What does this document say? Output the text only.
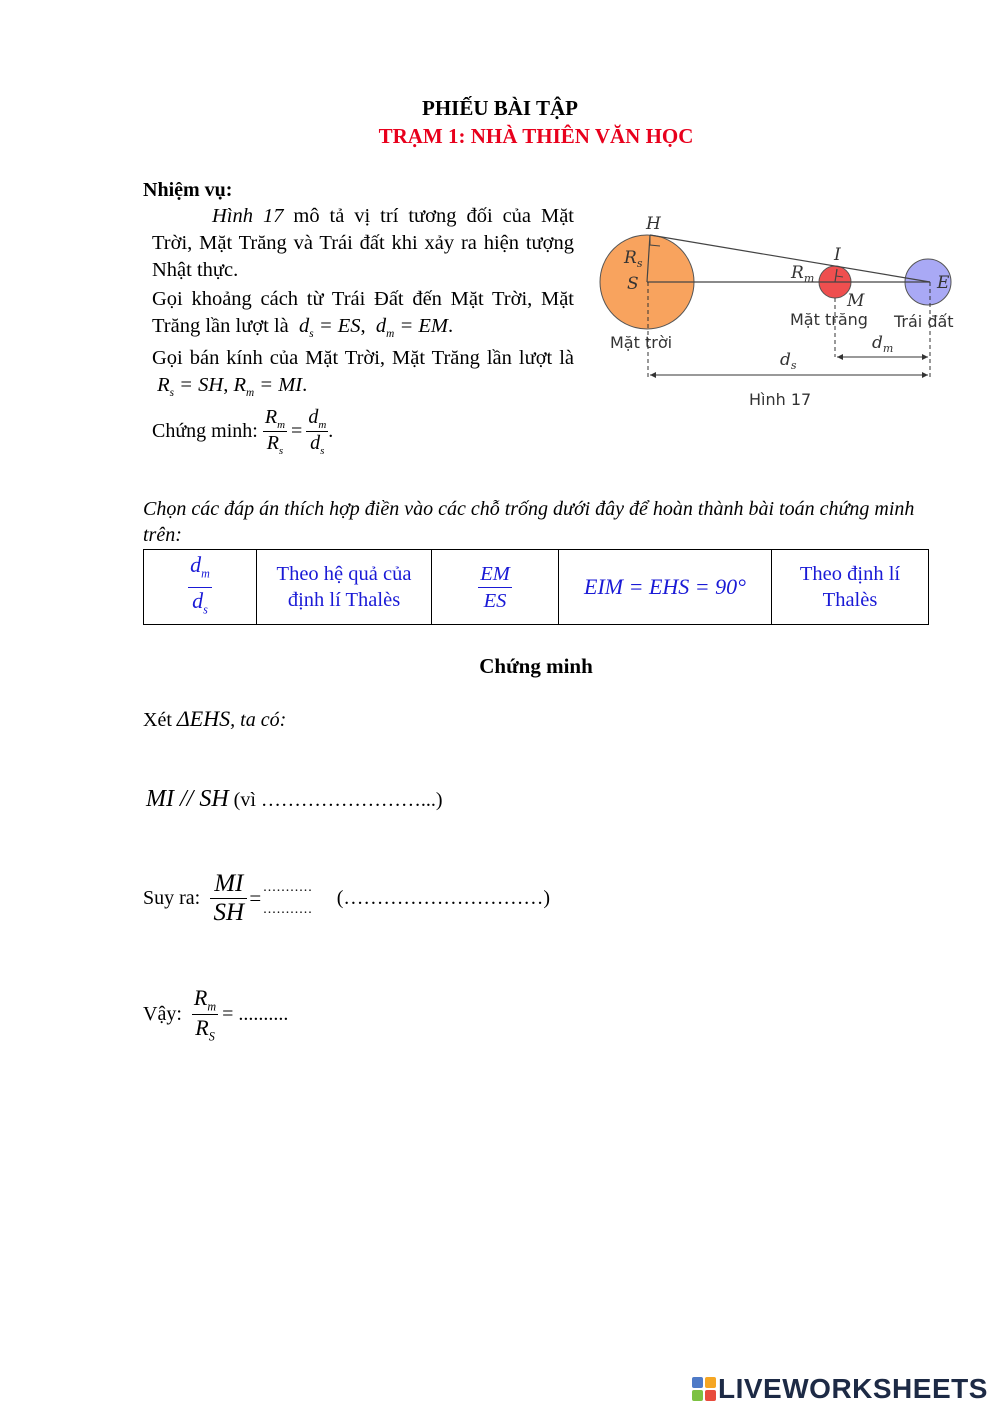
PHIẾU BÀI TẬP
TRẠM 1: NHÀ THIÊN VĂN HỌC
Nhiệm vụ:
Hình 17 mô tả vị trí tương đối của Mặt Trời, Mặt Trăng và Trái đất khi xảy ra hiện tượng Nhật thực.
Gọi khoảng cách từ Trái Đất đến Mặt Trời, Mặt Trăng lần lượt là $d_s$ = ES,  $d_m$ = EM.
Gọi bán kính của Mặt Trời, Mặt Trăng lần lượt là  $R_s$ = SH, $R_m$ = MI.
Chứng minh:
$\frac{R_m}{R_s} = \frac{d_m}{d_s}$ .
H
I
$R_s$
S
$R_m$
M
E
$d_m$
$d_s$
Mặt trời
Mặt trăng Trái đất
Hình 17
Chọn các đáp án thích hợp điền vào các chỗ trống dưới đây để hoàn thành bài toán chứng minh trên:
$\frac{d_m}{d_s}$	Theo hệ quả của định lí Thalès	$\frac{EM}{ES}$	EIM = EHS = 90°	Theo định lí Thalès
Chứng minh
Xét ΔEHS, ta có:
MI // SH (vì ……………………...)
Suy ra:
$\frac{MI}{SH}$ = ...........
........... (…………………………)
Vậy:
$\frac{R_m}{R_S}$ = ..........
LIVEWORKSHEETS
